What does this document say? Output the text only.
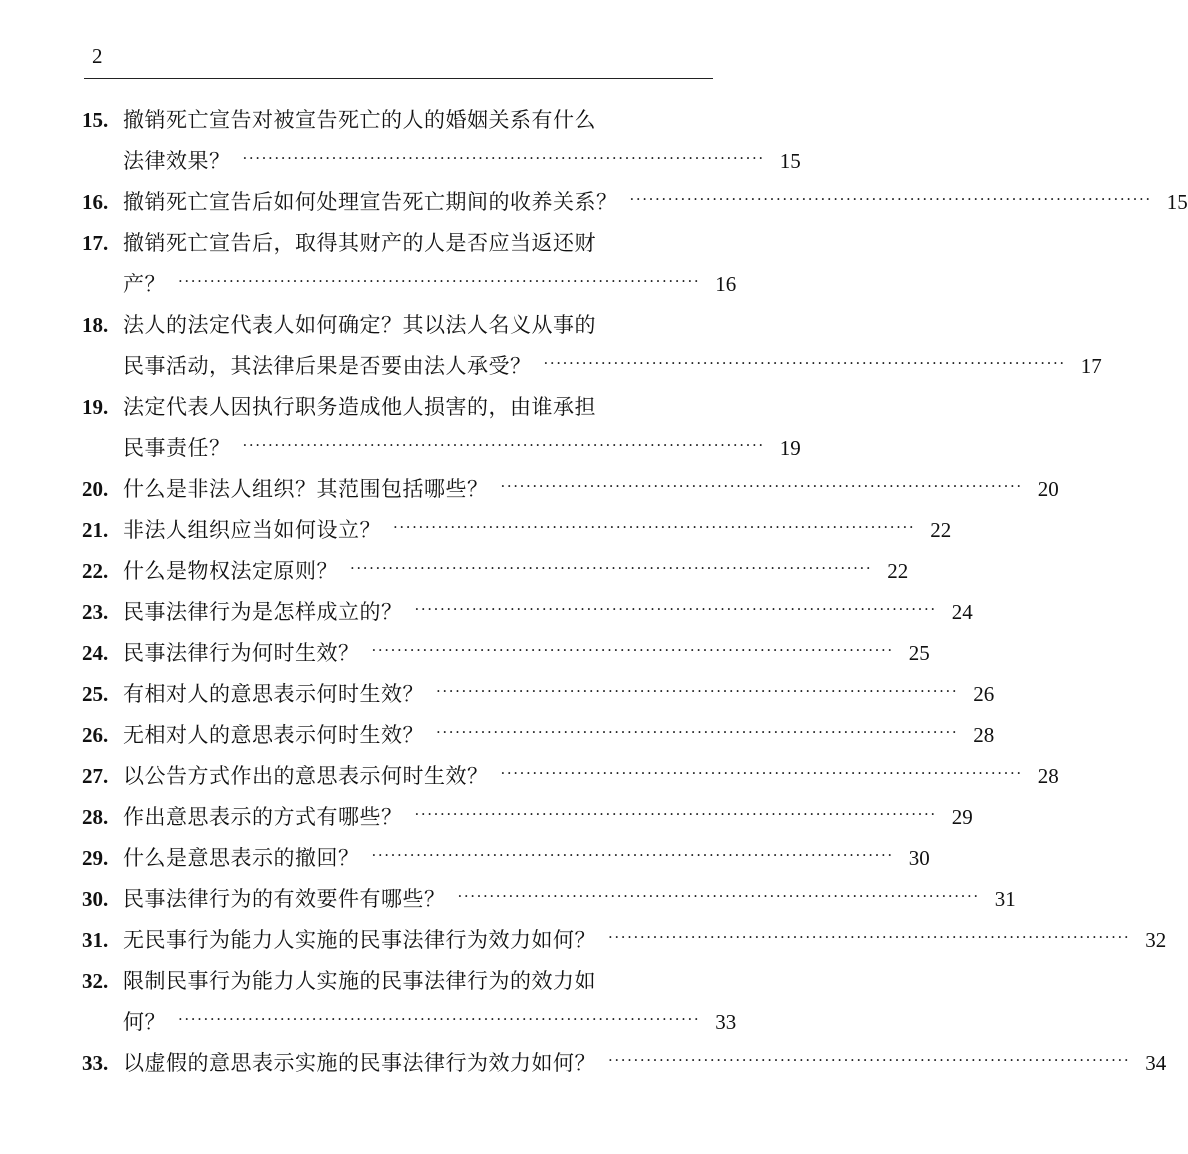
2
15. 撤销死亡宣告对被宣告死亡的人的婚姻关系有什么
法律效果？ ·················································································· 15
16. 撤销死亡宣告后如何处理宣告死亡期间的收养关系？ ·················································································· 15
17. 撤销死亡宣告后，取得其财产的人是否应当返还财
产？ ·················································································· 16
18. 法人的法定代表人如何确定？其以法人名义从事的
民事活动，其法律后果是否要由法人承受？ ·················································································· 17
19. 法定代表人因执行职务造成他人损害的，由谁承担
民事责任？ ·················································································· 19
20. 什么是非法人组织？其范围包括哪些？ ·················································································· 20
21. 非法人组织应当如何设立？ ·················································································· 22
22. 什么是物权法定原则？ ·················································································· 22
23. 民事法律行为是怎样成立的？ ·················································································· 24
24. 民事法律行为何时生效？ ·················································································· 25
25. 有相对人的意思表示何时生效？ ·················································································· 26
26. 无相对人的意思表示何时生效？ ·················································································· 28
27. 以公告方式作出的意思表示何时生效？ ·················································································· 28
28. 作出意思表示的方式有哪些？ ·················································································· 29
29. 什么是意思表示的撤回？ ·················································································· 30
30. 民事法律行为的有效要件有哪些？ ·················································································· 31
31. 无民事行为能力人实施的民事法律行为效力如何？ ·················································································· 32
32. 限制民事行为能力人实施的民事法律行为的效力如
何？ ·················································································· 33
33. 以虚假的意思表示实施的民事法律行为效力如何？ ·················································································· 34
